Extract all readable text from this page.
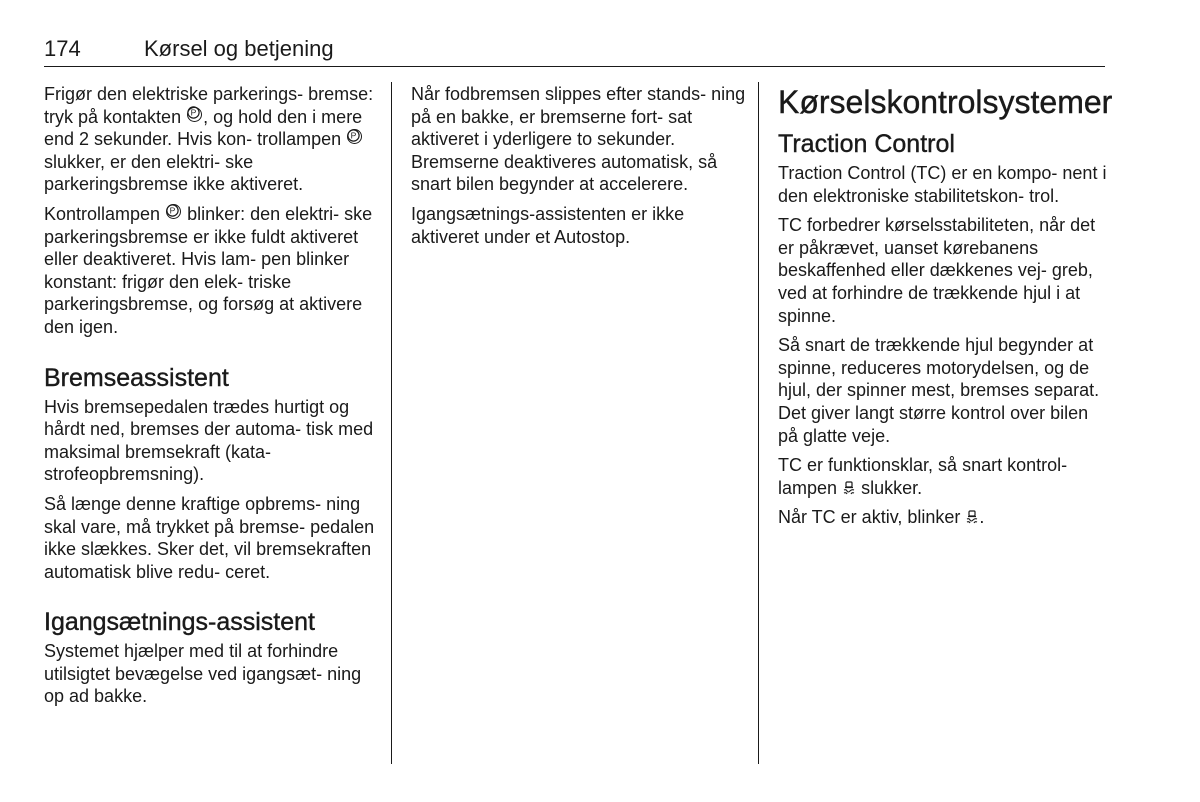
174	Kørsel og betjening

Frigør den elektriske parkerings‐ bremse: tryk på kontakten P , og hold den i mere end 2 sekunder. Hvis kon‐ trollampen P
slukker, er den elektri‐ ske parkeringsbremse ikke aktiveret.

Kontrollampen P blinker: den elektri‐ ske parkeringsbremse er ikke fuldt aktiveret eller deaktiveret. Hvis lam‐ pen blinker konstant: frigør den elek‐ triske parkeringsbremse, og forsøg at aktivere den igen.

Bremseassistent

Hvis bremsepedalen trædes hurtigt og hårdt ned, bremses der automa‐ tisk med maksimal bremsekraft (kata‐ strofeopbremsning).

Så længe denne kraftige opbrems‐ ning skal vare, må trykket på bremse‐ pedalen ikke slækkes. Sker det, vil bremsekraften automatisk blive redu‐ ceret.

Igangsætnings-assistent

Systemet hjælper med til at forhindre utilsigtet bevægelse ved igangsæt‐ ning op ad bakke.

Når fodbremsen slippes efter stands‐ ning på en bakke, er bremserne fort‐ sat aktiveret i yderligere to sekunder. Bremserne deaktiveres automatisk, så snart bilen begynder at accelerere.

Igangsætnings-assistenten er ikke aktiveret under et Autostop.

Kørselskontrolsystemer
Traction Control

Traction Control (TC) er en kompo‐ nent i den elektroniske stabilitetskon‐ trol.

TC forbedrer kørselsstabiliteten, når det er påkrævet, uanset kørebanens beskaffenhed eller dækkenes vej‐ greb, ved at forhindre de trækkende hjul i at spinne.

Så snart de trækkende hjul begynder at spinne, reduceres motorydelsen, og de hjul, der spinner mest, bremses separat. Det giver langt større kontrol over bilen på glatte veje.

TC er funktionsklar, så snart kontrol‐ lampen  slukker.

Når TC er aktiv, blinker .
